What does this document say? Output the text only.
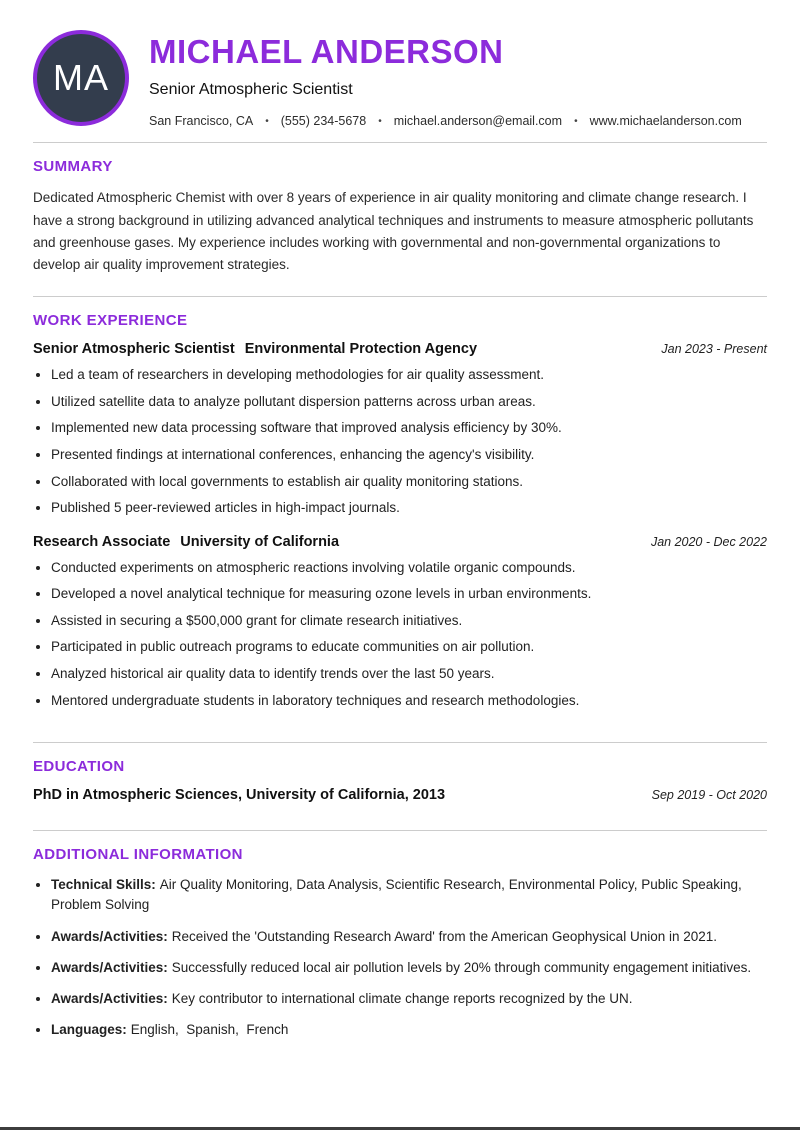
MA
MICHAEL ANDERSON
Senior Atmospheric Scientist
San Francisco, CA • (555) 234-5678 • michael.anderson@email.com • www.michaelanderson.com
SUMMARY

Dedicated Atmospheric Chemist with over 8 years of experience in air quality monitoring and climate change research. I have a strong background in utilizing advanced analytical techniques and instruments to measure atmospheric pollutants and greenhouse gases. My experience includes working with governmental and non-governmental organizations to develop air quality improvement strategies.

WORK EXPERIENCE
Senior Atmospheric Scientist Environmental Protection Agency	Jan 2023 - Present
• Led a team of researchers in developing methodologies for air quality assessment.
• Utilized satellite data to analyze pollutant dispersion patterns across urban areas.
• Implemented new data processing software that improved analysis efficiency by 30%.
• Presented findings at international conferences, enhancing the agency's visibility.
• Collaborated with local governments to establish air quality monitoring stations.
• Published 5 peer-reviewed articles in high-impact journals.
Research Associate University of California	Jan 2020 - Dec 2022
• Conducted experiments on atmospheric reactions involving volatile organic compounds.
• Developed a novel analytical technique for measuring ozone levels in urban environments.
• Assisted in securing a $500,000 grant for climate research initiatives.
• Participated in public outreach programs to educate communities on air pollution.
• Analyzed historical air quality data to identify trends over the last 50 years.
• Mentored undergraduate students in laboratory techniques and research methodologies.
EDUCATION
PhD in Atmospheric Sciences, University of California, 2013	Sep 2019 - Oct 2020
ADDITIONAL INFORMATION
• Technical Skills: Air Quality Monitoring, Data Analysis, Scientific Research, Environmental Policy, Public Speaking, Problem Solving
• Awards/Activities: Received the 'Outstanding Research Award' from the American Geophysical Union in 2021.
• Awards/Activities: Successfully reduced local air pollution levels by 20% through community engagement initiatives.
• Awards/Activities: Key contributor to international climate change reports recognized by the UN.
• Languages: English,  Spanish,  French
